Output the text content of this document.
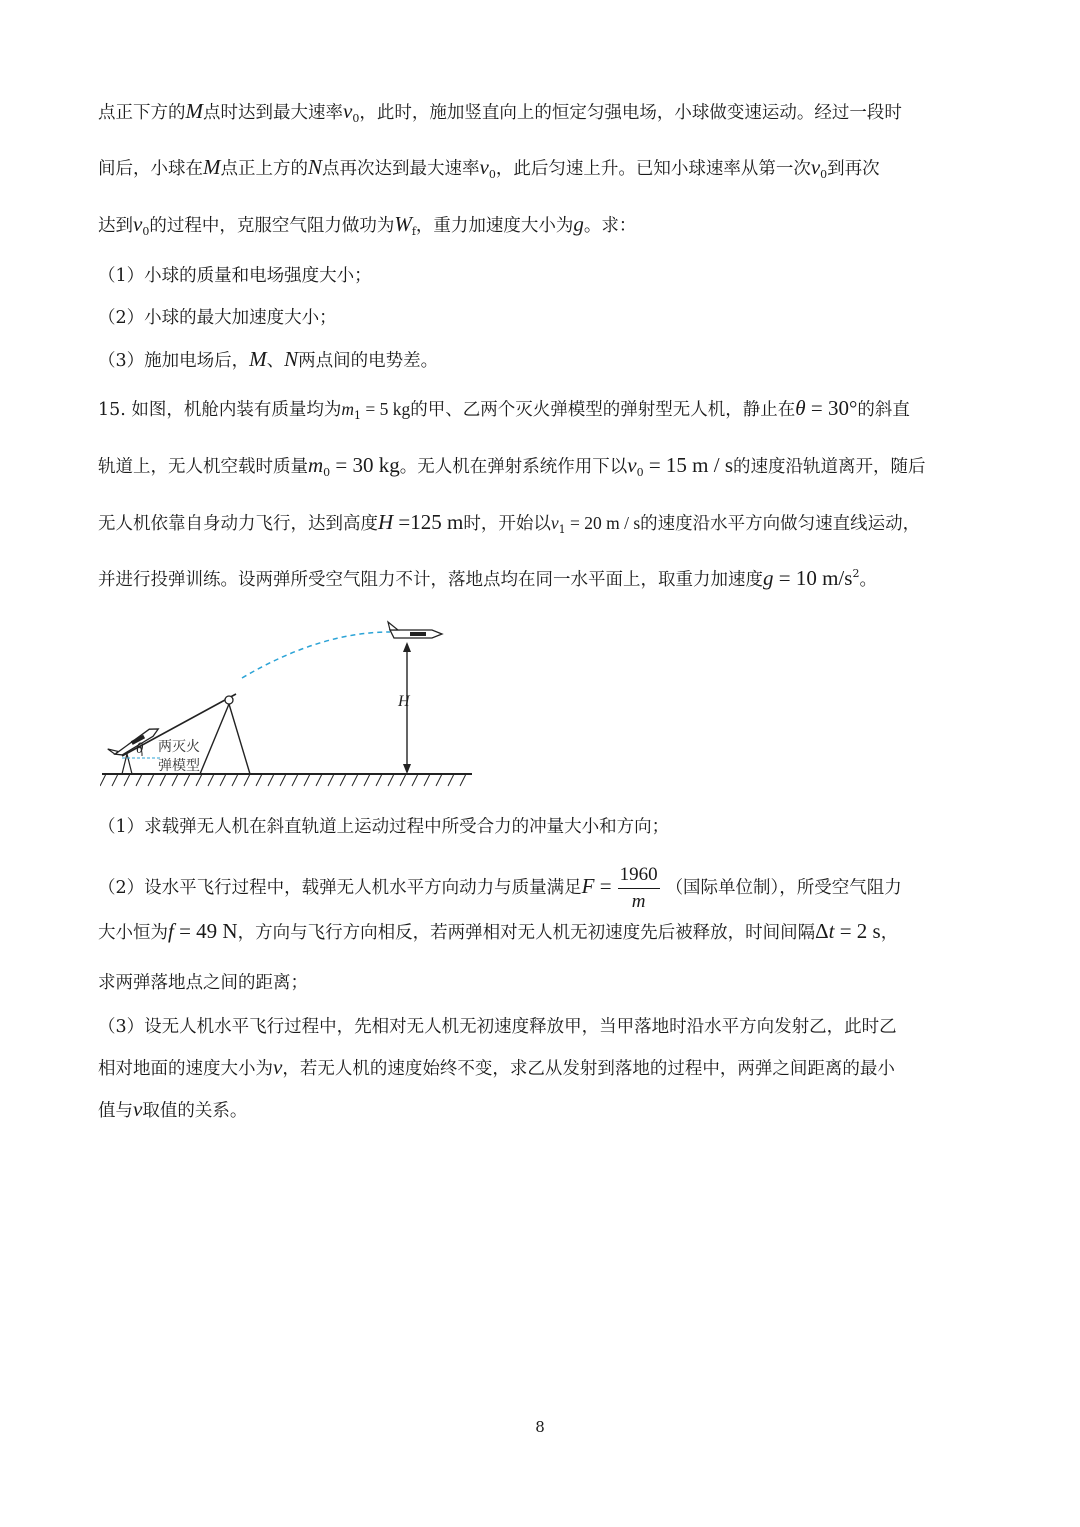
点正下方的M点时达到最大速率$v_0$，此时，施加竖直向上的恒定匀强电场，小球做变速运动。经过一段时
间后，小球在M点正上方的N点再次达到最大速率$v_0$，此后匀速上升。已知小球速率从第一次$v_0$到再次
达到$v_0$的过程中，克服空气阻力做功为$W_f$，重力加速度大小为g。求：
（1）小球的质量和电场强度大小；
（2）小球的最大加速度大小；
（3）施加电场后，M、N两点间的电势差。
15. 如图，机舱内装有质量均为$m_1 = 5$ kg的甲、乙两个灭火弹模型的弹射型无人机，静止在θ = 30°的斜直
轨道上，无人机空载时质量$m_0 = 30$ kg。无人机在弹射系统作用下以$v_0 = 15$ m / s的速度沿轨道离开，随后
无人机依靠自身动力飞行，达到高度H =125 m时，开始以$v_1 = 20$ m / s的速度沿水平方向做匀速直线运动，
并进行投弹训练。设两弹所受空气阻力不计，落地点均在同一水平面上，取重力加速度g = 10 $m/s^2$。
θ 两灭火
弹模型
H
（1）求载弹无人机在斜直轨道上运动过程中所受合力的冲量大小和方向；
（2）设水平飞行过程中，载弹无人机水平方向动力与质量满足$F = \frac{1960}{m}$ （国际单位制），所受空气阻力
大小恒为f = 49 N，方向与飞行方向相反，若两弹相对无人机无初速度先后被释放，时间间隔Δt = 2 s，
求两弹落地点之间的距离；
（3）设无人机水平飞行过程中，先相对无人机无初速度释放甲，当甲落地时沿水平方向发射乙，此时乙
相对地面的速度大小为v，若无人机的速度始终不变，求乙从发射到落地的过程中，两弹之间距离的最小
值与v取值的关系。
8
